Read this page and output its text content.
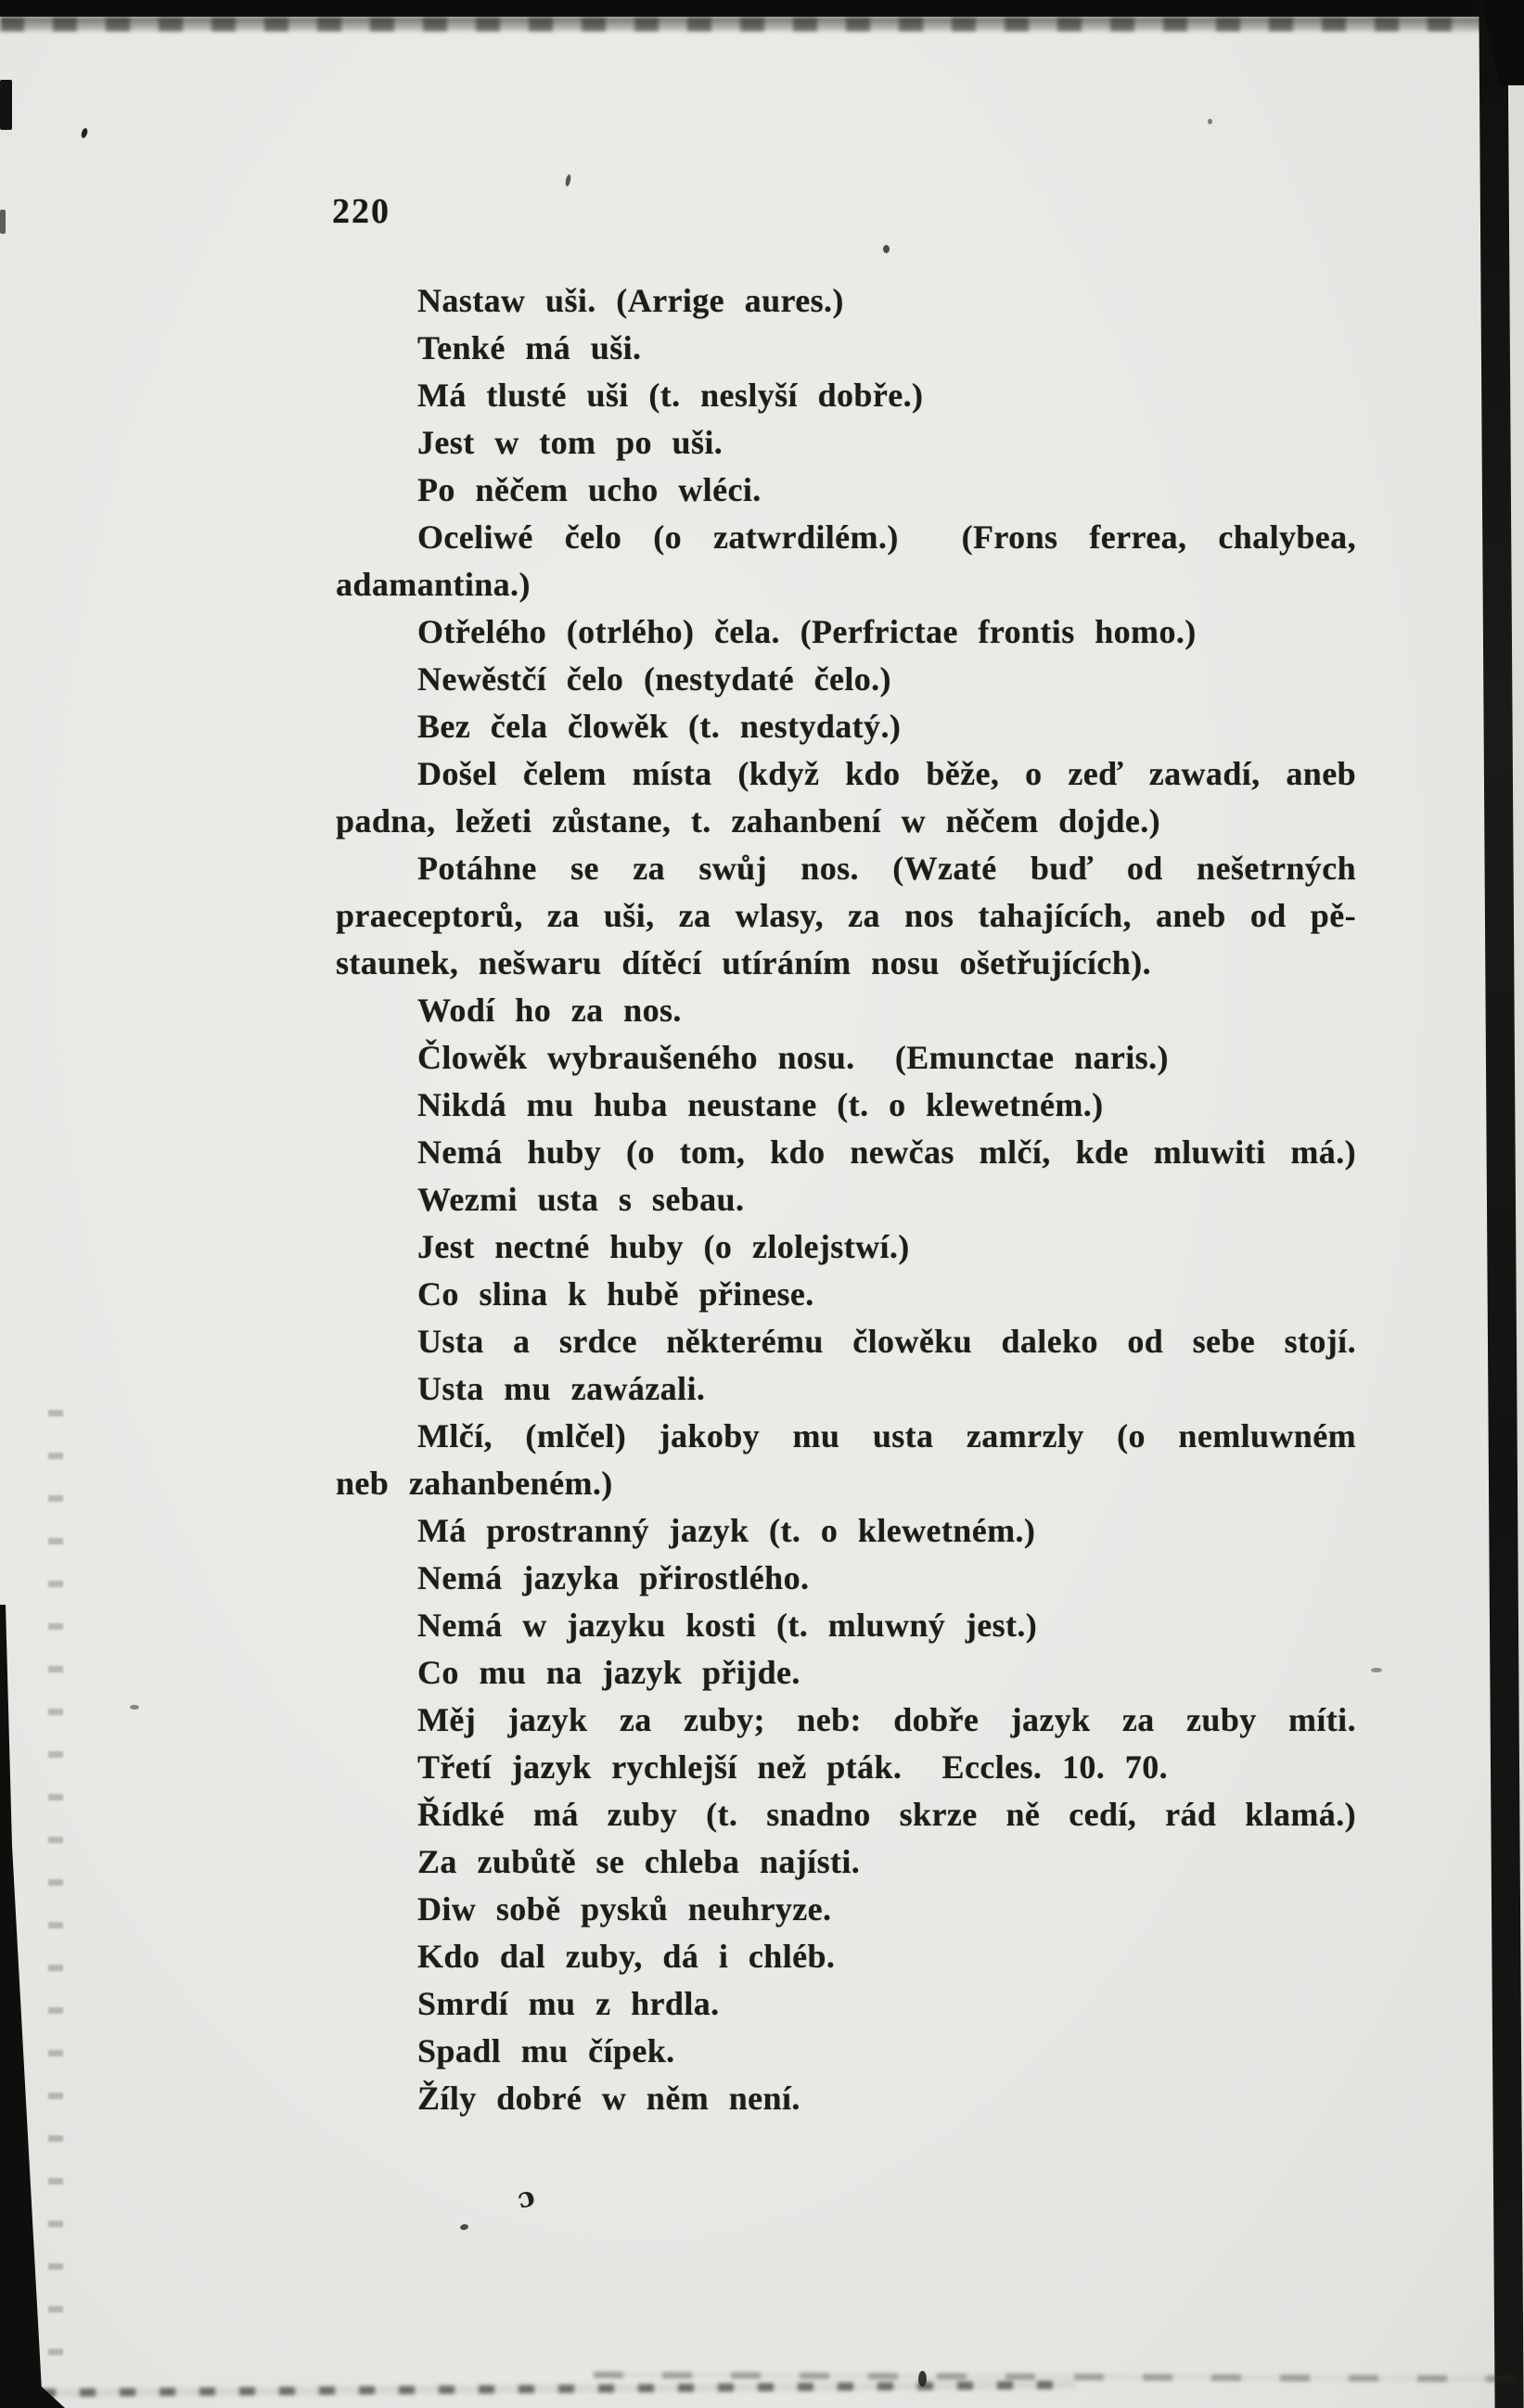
ɔ
220

Nastaw uši. (Arrige aures.)

Tenké má uši.

Má tlusté uši (t. neslyší dobře.)

Jest w tom po uši.

Po něčem ucho wléci.

Oceliwé čelo (o zatwrdilém.)  (Frons ferrea, chalybea,

adamantina.)

Otřelého (otrlého) čela. (Perfrictae frontis homo.)

Newěstčí čelo (nestydaté čelo.)

Bez čela člowěk (t. nestydatý.)

Došel čelem místa (když kdo běže, o zeď zawadí, aneb

padna, ležeti zůstane, t. zahanbení w něčem dojde.)

Potáhne se za swůj nos. (Wzaté buď od nešetrných

praeceptorů, za uši, za wlasy, za nos tahajících, aneb od pě-

staunek, nešwaru dítěcí utíráním nosu ošetřujících).

Wodí ho za nos.

Člowěk wybraušeného nosu.  (Emunctae naris.)

Nikdá mu huba neustane (t. o klewetném.)

Nemá huby (o tom, kdo newčas mlčí, kde mluwiti má.)

Wezmi usta s sebau.

Jest nectné huby (o zlolejstwí.)

Co slina k hubě přinese.

Usta a srdce některému člowěku daleko od sebe stojí.

Usta mu zawázali.

Mlčí, (mlčel) jakoby mu usta zamrzly (o nemluwném

neb zahanbeném.)

Má prostranný jazyk (t. o klewetném.)

Nemá jazyka přirostlého.

Nemá w jazyku kosti (t. mluwný jest.)

Co mu na jazyk přijde.

Měj jazyk za zuby; neb: dobře jazyk za zuby míti.

Třetí jazyk rychlejší než pták.  Eccles. 10. 70.

Řídké má zuby (t. snadno skrze ně cedí, rád klamá.)

Za zubůtě se chleba najísti.

Diw sobě pysků neuhryze.

Kdo dal zuby, dá i chléb.

Smrdí mu z hrdla.

Spadl mu čípek.

Žíly dobré w něm není.
